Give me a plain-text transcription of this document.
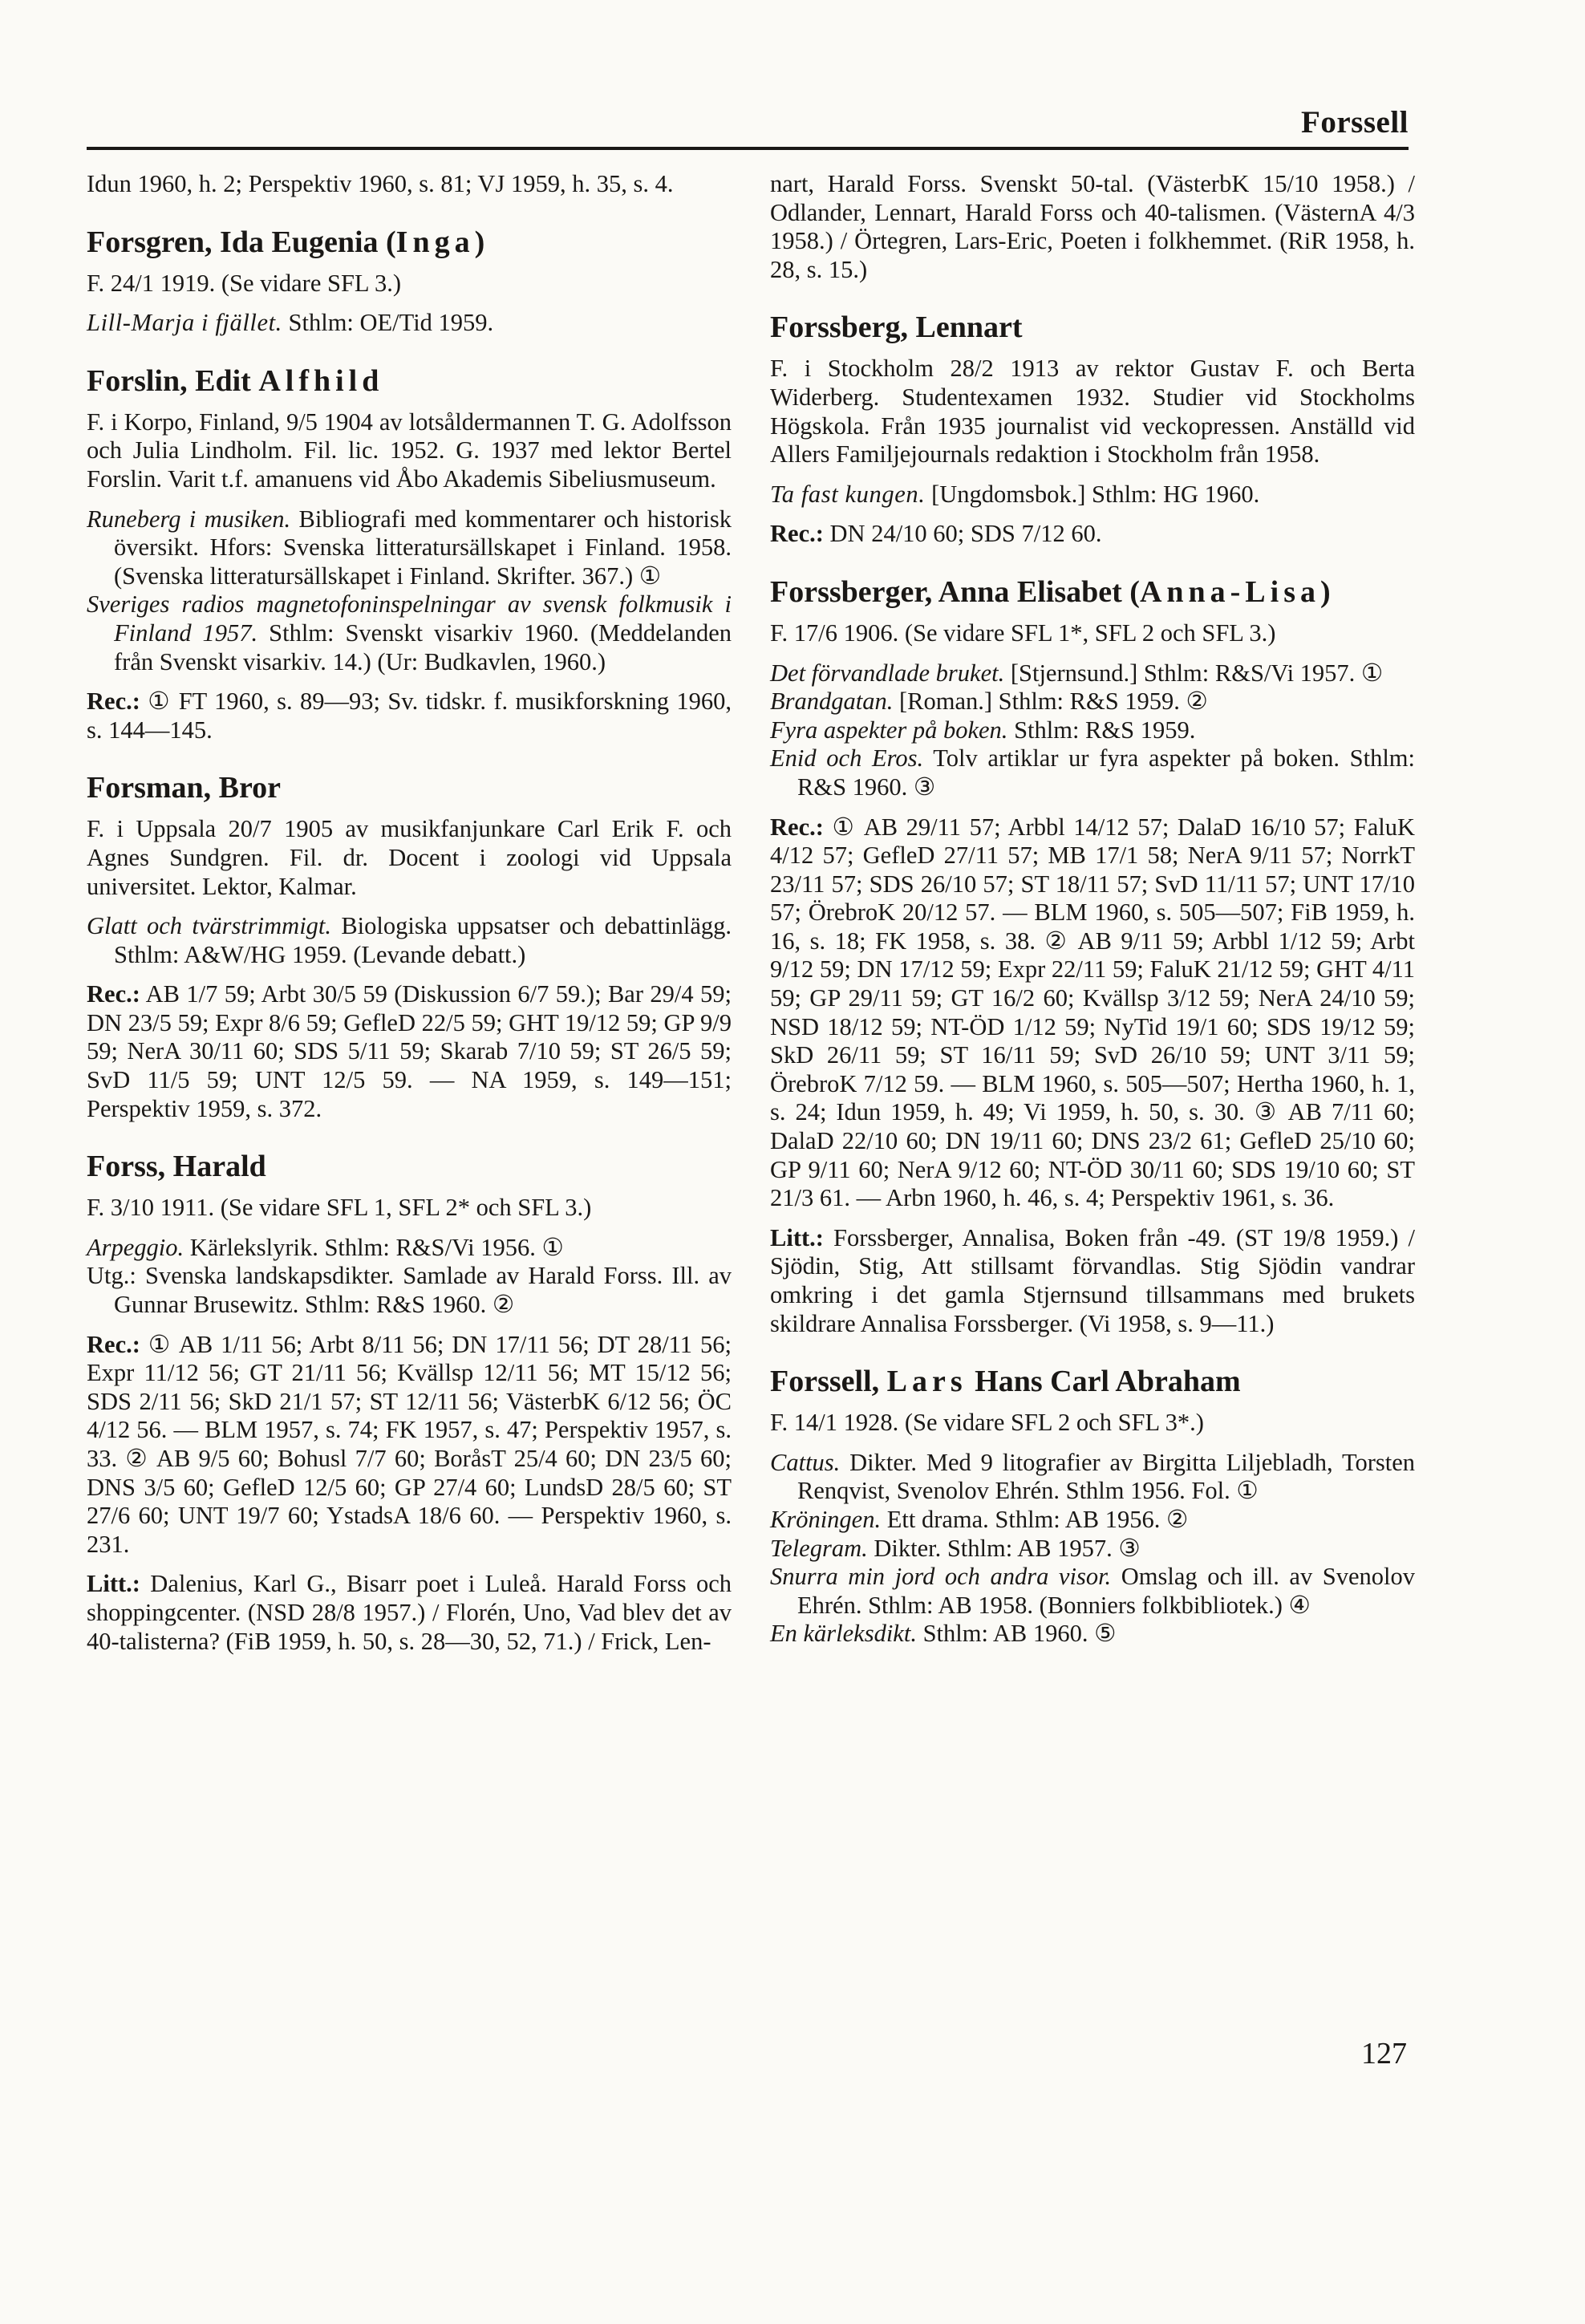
Forssell

Idun 1960, h. 2; Perspektiv 1960, s. 81; VJ 1959, h. 35, s. 4.

Forsgren, Ida Eugenia (Inga)

F. 24/1 1919. (Se vidare SFL 3.)

Lill-Marja i fjället. Sthlm: OE/Tid 1959.

Forslin, Edit Alfhild

F. i Korpo, Finland, 9/5 1904 av lotsåldermannen T. G. Adolfsson och Julia Lindholm. Fil. lic. 1952. G. 1937 med lektor Bertel Forslin. Varit t.f. amanuens vid Åbo Akademis Sibeliusmuseum.

Runeberg i musiken. Bibliografi med kommentarer och historisk översikt. Hfors: Svenska litteratursällskapet i Finland. 1958. (Svenska litteratursällskapet i Finland. Skrifter. 367.) ①

Sveriges radios magnetofoninspelningar av svensk folkmusik i Finland 1957. Sthlm: Svenskt visarkiv 1960. (Meddelanden från Svenskt visarkiv. 14.) (Ur: Budkavlen, 1960.)

Rec.: ① FT 1960, s. 89—93; Sv. tidskr. f. musikforskning 1960, s. 144—145.

Forsman, Bror

F. i Uppsala 20/7 1905 av musikfanjunkare Carl Erik F. och Agnes Sundgren. Fil. dr. Docent i zoologi vid Uppsala universitet. Lektor, Kalmar.

Glatt och tvärstrimmigt. Biologiska uppsatser och debattinlägg. Sthlm: A&W/HG 1959. (Levande debatt.)

Rec.: AB 1/7 59; Arbt 30/5 59 (Diskussion 6/7 59.); Bar 29/4 59; DN 23/5 59; Expr 8/6 59; GefleD 22/5 59; GHT 19/12 59; GP 9/9 59; NerA 30/11 60; SDS 5/11 59; Skarab 7/10 59; ST 26/5 59; SvD 11/5 59; UNT 12/5 59. — NA 1959, s. 149—151; Perspektiv 1959, s. 372.

Forss, Harald

F. 3/10 1911. (Se vidare SFL 1, SFL 2* och SFL 3.)

Arpeggio. Kärlekslyrik. Sthlm: R&S/Vi 1956. ①

Utg.: Svenska landskapsdikter. Samlade av Harald Forss. Ill. av Gunnar Brusewitz. Sthlm: R&S 1960. ②

Rec.: ① AB 1/11 56; Arbt 8/11 56; DN 17/11 56; DT 28/11 56; Expr 11/12 56; GT 21/11 56; Kvällsp 12/11 56; MT 15/12 56; SDS 2/11 56; SkD 21/1 57; ST 12/11 56; VästerbK 6/12 56; ÖC 4/12 56. — BLM 1957, s. 74; FK 1957, s. 47; Perspektiv 1957, s. 33. ② AB 9/5 60; Bohusl 7/7 60; BoråsT 25/4 60; DN 23/5 60; DNS 3/5 60; GefleD 12/5 60; GP 27/4 60; LundsD 28/5 60; ST 27/6 60; UNT 19/7 60; YstadsA 18/6 60. — Perspektiv 1960, s. 231.

Litt.: Dalenius, Karl G., Bisarr poet i Luleå. Harald Forss och shoppingcenter. (NSD 28/8 1957.) / Florén, Uno, Vad blev det av 40-talisterna? (FiB 1959, h. 50, s. 28—30, 52, 71.) / Frick, Len-

nart, Harald Forss. Svenskt 50-tal. (VästerbK 15/10 1958.) / Odlander, Lennart, Harald Forss och 40-talismen. (VästernA 4/3 1958.) / Örtegren, Lars-Eric, Poeten i folkhemmet. (RiR 1958, h. 28, s. 15.)

Forssberg, Lennart

F. i Stockholm 28/2 1913 av rektor Gustav F. och Berta Widerberg. Studentexamen 1932. Studier vid Stockholms Högskola. Från 1935 journalist vid veckopressen. Anställd vid Allers Familjejournals redaktion i Stockholm från 1958.

Ta fast kungen. [Ungdomsbok.] Sthlm: HG 1960.

Rec.: DN 24/10 60; SDS 7/12 60.

Forssberger, Anna Elisabet (Anna-Lisa)

F. 17/6 1906. (Se vidare SFL 1*, SFL 2 och SFL 3.)

Det förvandlade bruket. [Stjernsund.] Sthlm: R&S/Vi 1957. ①

Brandgatan. [Roman.] Sthlm: R&S 1959. ②

Fyra aspekter på boken. Sthlm: R&S 1959.

Enid och Eros. Tolv artiklar ur fyra aspekter på boken. Sthlm: R&S 1960. ③

Rec.: ① AB 29/11 57; Arbbl 14/12 57; DalaD 16/10 57; FaluK 4/12 57; GefleD 27/11 57; MB 17/1 58; NerA 9/11 57; NorrkT 23/11 57; SDS 26/10 57; ST 18/11 57; SvD 11/11 57; UNT 17/10 57; ÖrebroK 20/12 57. — BLM 1960, s. 505—507; FiB 1959, h. 16, s. 18; FK 1958, s. 38. ② AB 9/11 59; Arbbl 1/12 59; Arbt 9/12 59; DN 17/12 59; Expr 22/11 59; FaluK 21/12 59; GHT 4/11 59; GP 29/11 59; GT 16/2 60; Kvällsp 3/12 59; NerA 24/10 59; NSD 18/12 59; NT-ÖD 1/12 59; NyTid 19/1 60; SDS 19/12 59; SkD 26/11 59; ST 16/11 59; SvD 26/10 59; UNT 3/11 59; ÖrebroK 7/12 59. — BLM 1960, s. 505—507; Hertha 1960, h. 1, s. 24; Idun 1959, h. 49; Vi 1959, h. 50, s. 30. ③ AB 7/11 60; DalaD 22/10 60; DN 19/11 60; DNS 23/2 61; GefleD 25/10 60; GP 9/11 60; NerA 9/12 60; NT-ÖD 30/11 60; SDS 19/10 60; ST 21/3 61. — Arbn 1960, h. 46, s. 4; Perspektiv 1961, s. 36.

Litt.: Forssberger, Annalisa, Boken från -49. (ST 19/8 1959.) / Sjödin, Stig, Att stillsamt förvandlas. Stig Sjödin vandrar omkring i det gamla Stjernsund tillsammans med brukets skildrare Annalisa Forssberger. (Vi 1958, s. 9—11.)

Forssell, Lars Hans Carl Abraham

F. 14/1 1928. (Se vidare SFL 2 och SFL 3*.)

Cattus. Dikter. Med 9 litografier av Birgitta Liljebladh, Torsten Renqvist, Svenolov Ehrén. Sthlm 1956. Fol. ①

Kröningen. Ett drama. Sthlm: AB 1956. ②

Telegram. Dikter. Sthlm: AB 1957. ③

Snurra min jord och andra visor. Omslag och ill. av Svenolov Ehrén. Sthlm: AB 1958. (Bonniers folkbibliotek.) ④

En kärleksdikt. Sthlm: AB 1960. ⑤

127
